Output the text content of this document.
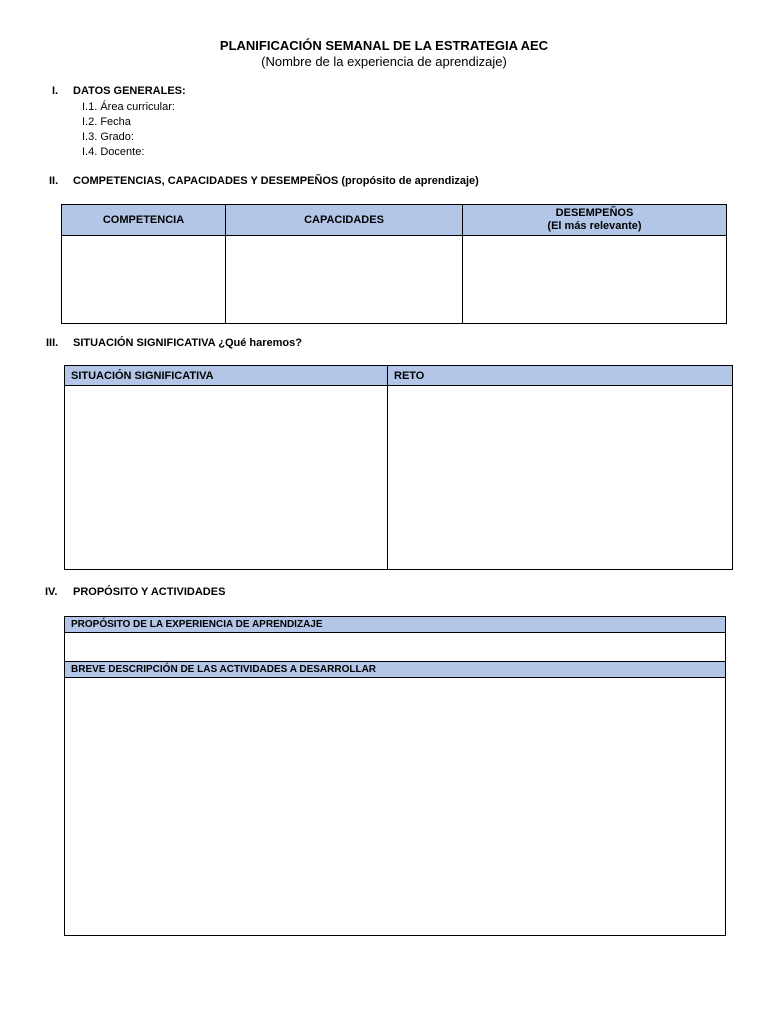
PLANIFICACIÓN SEMANAL DE LA ESTRATEGIA AEC
(Nombre de la experiencia de aprendizaje)
I. DATOS GENERALES:
I.1. Área curricular:
I.2. Fecha
I.3. Grado:
I.4. Docente:
II. COMPETENCIAS, CAPACIDADES Y DESEMPEÑOS (propósito de aprendizaje)
COMPETENCIA	CAPACIDADES	DESEMPEÑOS
(El más relevante)

III. SITUACIÓN SIGNIFICATIVA ¿Qué haremos?
SITUACIÓN SIGNIFICATIVA	RETO

IV. PROPÓSITO Y ACTIVIDADES
PROPÓSITO DE LA EXPERIENCIA DE APRENDIZAJE

BREVE DESCRIPCIÓN DE LAS ACTIVIDADES A DESARROLLAR
